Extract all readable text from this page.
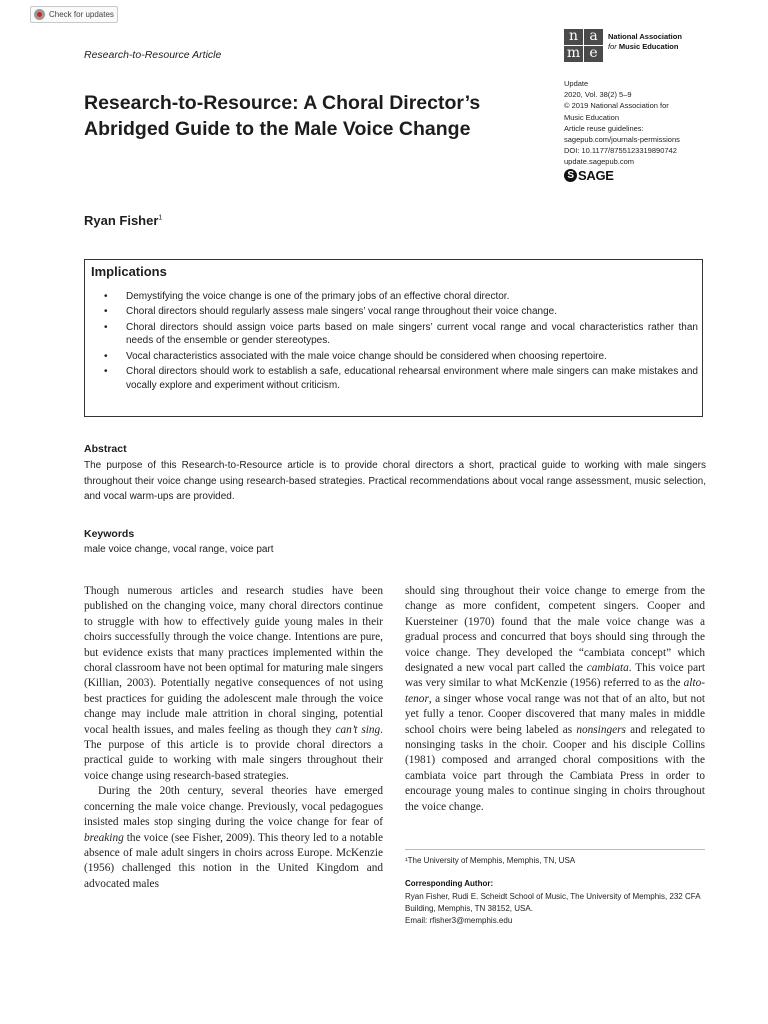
Check for updates
Research-to-Resource Article
n a
m e
National Association
for Music Education
Update
2020, Vol. 38(2) 5–9
© 2019 National Association for
Music Education
Article reuse guidelines:
sagepub.com/journals-permissions
DOI: 10.1177/8755123319890742
update.sagepub.com
S SAGE
Research-to-Resource: A Choral Director’s Abridged Guide to the Male Voice Change
Ryan Fisher$^1$
Implications
• Demystifying the voice change is one of the primary jobs of an effective choral director.
• Choral directors should regularly assess male singers’ vocal range throughout their voice change.
• Choral directors should assign voice parts based on male singers’ current vocal range and vocal characteristics rather than needs of the ensemble or gender stereotypes.
• Vocal characteristics associated with the male voice change should be considered when choosing repertoire.
• Choral directors should work to establish a safe, educational rehearsal environment where male singers can make mistakes and vocally explore and experiment without criticism.
Abstract
The purpose of this Research-to-Resource article is to provide choral directors a short, practical guide to working with male singers throughout their voice change using research-based strategies. Practical recommendations about vocal range assessment, music selection, and vocal warm-ups are provided.
Keywords
male voice change, vocal range, voice part

Though numerous articles and research studies have been published on the changing voice, many choral directors continue to struggle with how to effectively guide young males in their choirs successfully through the voice change. Intentions are pure, but evidence exists that many practices implemented within the choral classroom have not been optimal for maturing male singers (Killian, 2003). Potentially negative consequences of not using best practices for guiding the adolescent male through the voice change may include male attrition in choral singing, potential vocal health issues, and males feeling as though they can’t sing. The purpose of this article is to provide choral directors a practical guide to working with male singers throughout their voice change using research-based strategies.

During the 20th century, several theories have emerged concerning the male voice change. Previously, vocal pedagogues insisted males stop singing during the voice change for fear of breaking the voice (see Fisher, 2009). This theory led to a notable absence of male adult singers in choirs across Europe. McKenzie (1956) challenged this notion in the United Kingdom and advocated males

should sing throughout their voice change to emerge from the change as more confident, competent singers. Cooper and Kuersteiner (1970) found that the male voice change was a gradual process and concurred that boys should sing through the voice change. They developed the “cambiata concept” which designated a new vocal part called the cambiata. This voice part was very similar to what McKenzie (1956) referred to as the alto-tenor, a singer whose vocal range was not that of an alto, but not yet fully a tenor. Cooper discovered that many males in middle school choirs were being labeled as nonsingers and relegated to nonsinging tasks in the choir. Cooper and his disciple Collins (1981) composed and arranged choral compositions with the cambiata voice part through the Cambiata Press in order to encourage young males to continue singing in choirs throughout the voice change.

¹The University of Memphis, Memphis, TN, USA
Corresponding Author:
Ryan Fisher, Rudi E. Scheidt School of Music, The University of Memphis, 232 CFA Building, Memphis, TN 38152, USA.
Email: rfisher3@memphis.edu
